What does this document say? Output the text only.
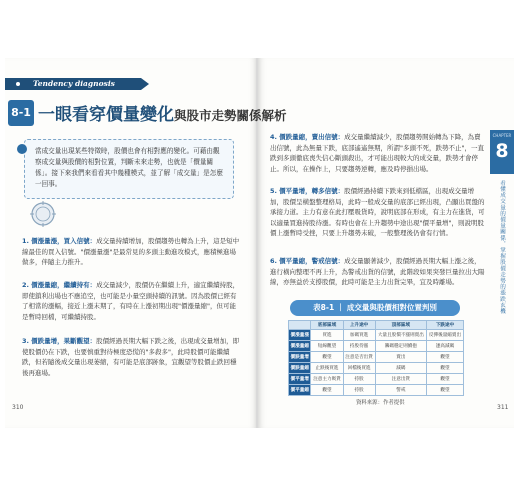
Tendency diagnosis
8-1 一眼看穿價量變化與股市走勢關係解析
當成交量出現某些特徵時，股價也會有相對應的變化。可藉由觀察成交量與股價的相對位置，判斷未來走勢，也就是「價量關係」。接下來我們來看看其中幾種模式，並了解「成交量」是怎麼一回事。
1. 價漲量漲，買入信號：成交量持續增加，股價趨勢也轉為上升，這是短中線最佳的買入信號。"價漲量漲"是最常見的多頭主動進攻模式，應積極進場做多，伴隨主力推升。
2. 價漲量縮，繼續持有：成交量減少，股價仍在繼續上升，適宜繼續持股，即使鎖利出場也不應追空，也可能是小量空頭持續的訊號。因為股價已經有了相當的漲幅，接近上漲末期了，有時在上漲初期出現"價漲量縮"，但可能是暫時回檔，可繼續持股。
3. 價跌量增，果斷觀望：股價經過長期大幅下跌之後，出現成交量增加，即使股價仍在下跌，也要慎重對待極度恐慌的"多殺多"，此時股價可能繼續跌，但若隨後成交量出現萎縮，有可能是底部跡象，宜觀望等股價止跌回穩後再進場。
310
4. 價跌量縮，賣出信號：成交量繼續減少，股價趨勢開始轉為下降，為賣出信號，此為無量下跌，底部遙遙無期，所謂"多頭不死，跌勢不止"，一直跌到多頭徹底喪失信心斷頭殺出，才可能出現較大的成交量，跌勢才會停止。所以，在操作上，只要趨勢逆轉，應及時停損出場。
5. 價平量增，轉多信號：股價經過持續下跌來到低檔區，出現成交量增加，股價呈橫盤整理格局，此時一般成交量的底部已經出現，凸顯出買盤的承接力道。主力有意在此打壓吸貨時，說明底部在形成，有主力在進貨，可以適量買進持股待漲。有時也會在上升趨勢中途出現"價平量增"，則說明股價上漲暫時受挫，只要上升趨勢未破，一般整理後仍會有行情。
6. 價平量縮，警戒信號：成交量顯著減少，股價經過長期大幅上漲之後，進行橫向整理不再上升，為警戒出貨的信號，此階段如果突發巨量拉出大陽線，亦無益於支撐股價，此時可能是主力出貨完畢，宜及時離場。
CHAPTER
8
看懂成交量的價量關係，掌握股價走勢的漲跌玄機
表8-1 ｜ 成交量與股價相對位置判別
	底部區域	上升途中	頂部區域	下跌途中
價漲量漲	買進	加碼買進	大量且股價不漲則賣出	反彈後量縮賣出
價漲量縮	短線觀望	持股待漲	籌碼穩定則續抱	逢高減碼
價跌量增	觀望	注意是否出貨	賣出	觀望
價跌量縮	止跌後買進	回檔後買進	減碼	觀望
價平量增	注意主力吸貨	持股	注意出貨	觀望
價平量縮	觀望	持股	警戒	觀望
資料來源：作者提供
311
